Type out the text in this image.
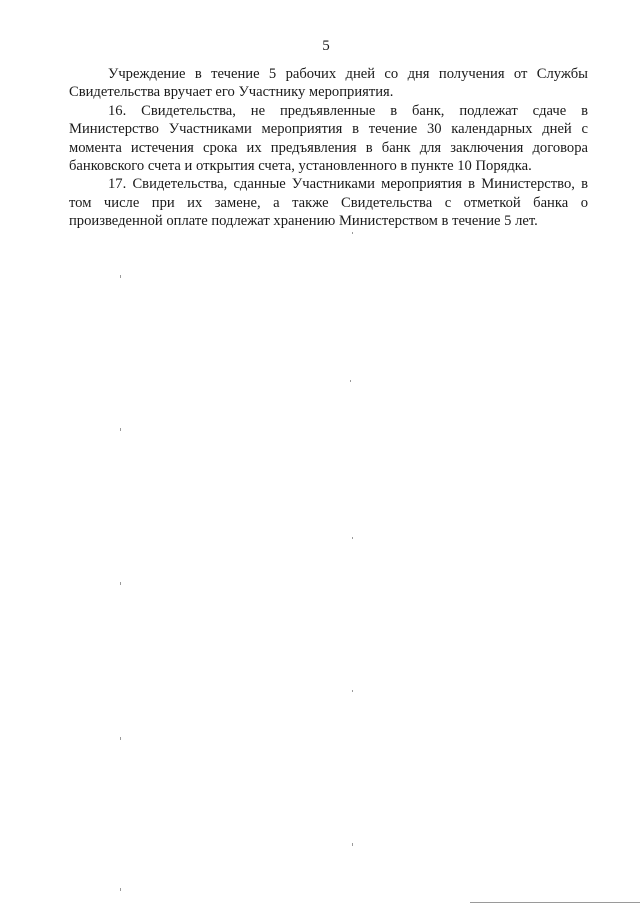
5

Учреждение в течение 5 рабочих дней со дня получения от Службы Свидетельства вручает его Участнику мероприятия.

16. Свидетельства, не предъявленные в банк, подлежат сдаче в Министерство Участниками мероприятия в течение 30 календарных дней с момента истечения срока их предъявления в банк для заключения договора банковского счета и открытия счета, установленного в пункте 10 Порядка.

17. Свидетельства, сданные Участниками мероприятия в Министерство, в том числе при их замене, а также Свидетельства с отметкой банка о произведенной оплате подлежат хранению Министерством в течение 5 лет.
